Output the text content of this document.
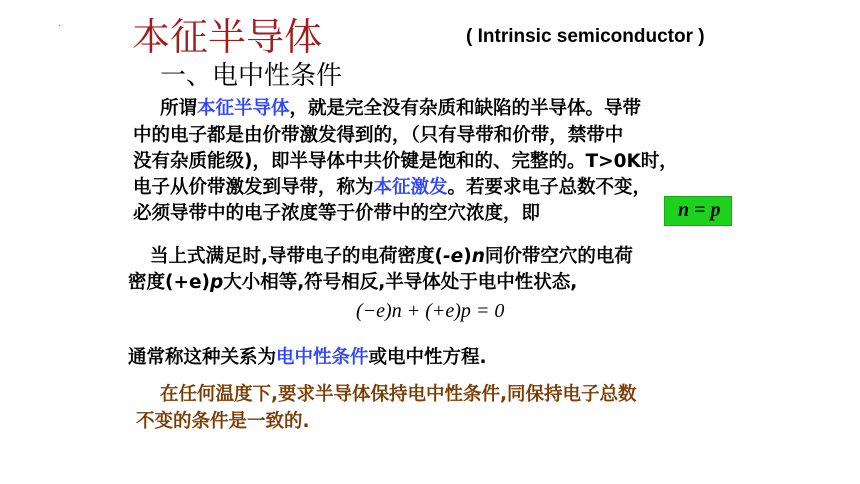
. 本征半导体	( Intrinsic semiconductor )
一、电中性条件
所谓本征半导体，就是完全没有杂质和缺陷的半导体。导带
中的电子都是由价带激发得到的，（只有导带和价带，禁带中
没有杂质能级)，即半导体中共价键是饱和的、完整的。T>0K时，
电子从价带激发到导带，称为本征激发。若要求电子总数不变，
必须导带中的电子浓度等于价带中的空穴浓度，即	n = p
当上式满足时,导带电子的电荷密度(-e)n同价带空穴的电荷
密度(+e)p大小相等,符号相反,半导体处于电中性状态,
(−e)n + (+e)p = 0
通常称这种关系为电中性条件或电中性方程.
在任何温度下,要求半导体保持电中性条件,同保持电子总数
不变的条件是一致的.
